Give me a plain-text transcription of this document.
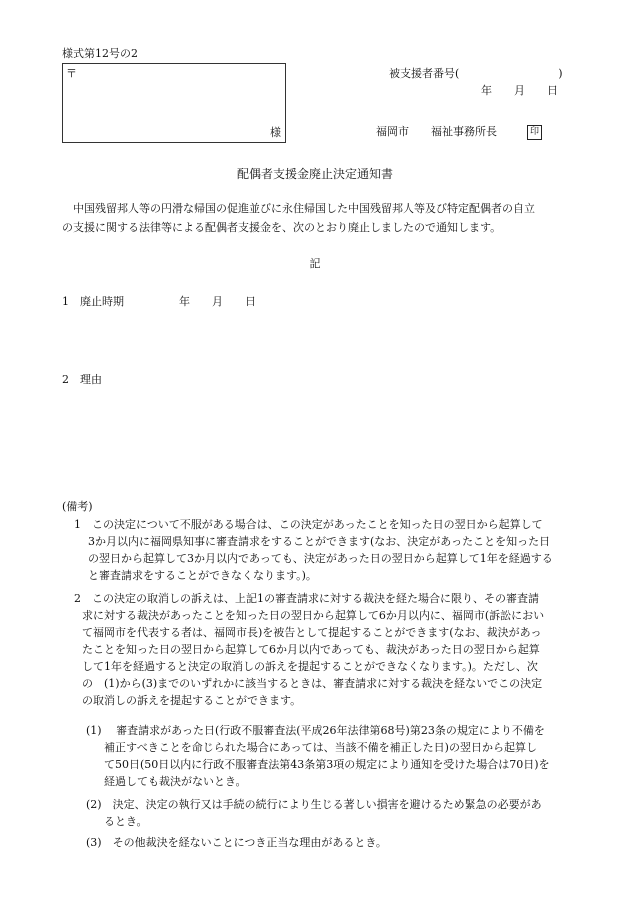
様式第12号の2
〒
様
被支援者番号(　　　　　　　　　)
年　　月　　日
福岡市　　福祉事務所長	印
配偶者支援金廃止決定通知書
　中国残留邦人等の円滑な帰国の促進並びに永住帰国した中国残留邦人等及び特定配偶者の自立
の支援に関する法律等による配偶者支援金を、次のとおり廃止しましたので通知します。
記
1　廃止時期　　　　　年　　月　　日
2　理由
(備考)
1　この決定について不服がある場合は、この決定があったことを知った日の翌日から起算して
3か月以内に福岡県知事に審査請求をすることができます(なお、決定があったことを知った日
の翌日から起算して3か月以内であっても、決定があった日の翌日から起算して1年を経過する
と審査請求をすることができなくなります。)。
2　この決定の取消しの訴えは、上記1の審査請求に対する裁決を経た場合に限り、その審査請
求に対する裁決があったことを知った日の翌日から起算して6か月以内に、福岡市(訴訟におい
て福岡市を代表する者は、福岡市長)を被告として提起することができます(なお、裁決があっ
たことを知った日の翌日から起算して6か月以内であっても、裁決があった日の翌日から起算
して1年を経過すると決定の取消しの訴えを提起することができなくなります。)。ただし、次
の　(1)から(3)までのいずれかに該当するときは、審査請求に対する裁決を経ないでこの決定
の取消しの訴えを提起することができます。
(1)　 審査請求があった日(行政不服審査法(平成26年法律第68号)第23条の規定により不備を
補正すべきことを命じられた場合にあっては、当該不備を補正した日)の翌日から起算し
て50日(50日以内に行政不服審査法第43条第3項の規定により通知を受けた場合は70日)を
経過しても裁決がないとき。
(2)　決定、決定の執行又は手続の続行により生じる著しい損害を避けるため緊急の必要があ
るとき。
(3)　その他裁決を経ないことにつき正当な理由があるとき。
